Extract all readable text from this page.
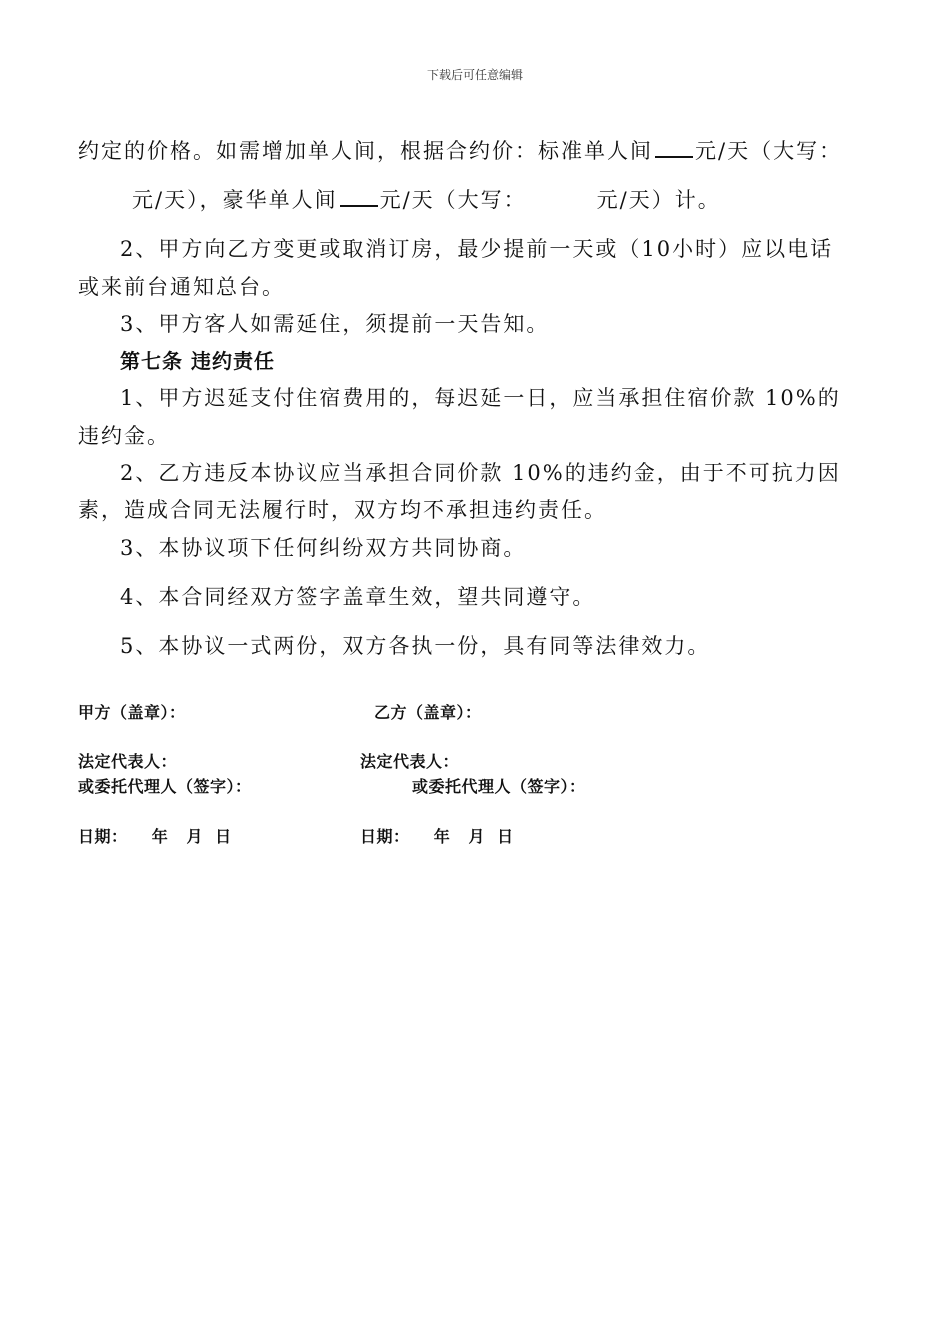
下载后可任意编辑
约定的价格。如需增加单人间，根据合约价：标准单人间 元/天（大写：
元/天），豪华单人间 元/天（大写：	元/天）计。
2、甲方向乙方变更或取消订房，最少提前一天或（10小时）应以电话
或来前台通知总台。
3、甲方客人如需延住，须提前一天告知。
第七条 违约责任
1、甲方迟延支付住宿费用的，每迟延一日，应当承担住宿价款 10%的
违约金。
2、乙方违反本协议应当承担合同价款 10%的违约金，由于不可抗力因
素，造成合同无法履行时，双方均不承担违约责任。
3、本协议项下任何纠纷双方共同协商。
4、本合同经双方签字盖章生效，望共同遵守。
5、本协议一式两份，双方各执一份，具有同等法律效力。
甲方（盖章）：	乙方（盖章）：
法定代表人：	法定代表人：
或委托代理人（签字）：	或委托代理人（签字）：
日期：    年   月  日	日期：    年   月  日
